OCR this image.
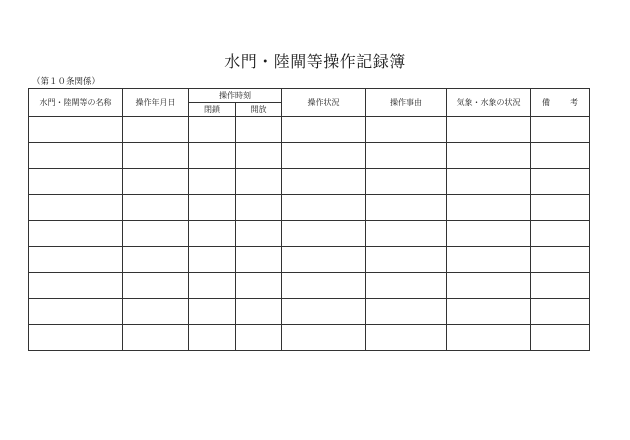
水門・陸閘等操作記録簿
（第１０条関係）
水門・陸閘等の名称	操作年月日	操作時刻		操作状況	操作事由	気象・水象の状況	備 考

		閉鎖	開放				
